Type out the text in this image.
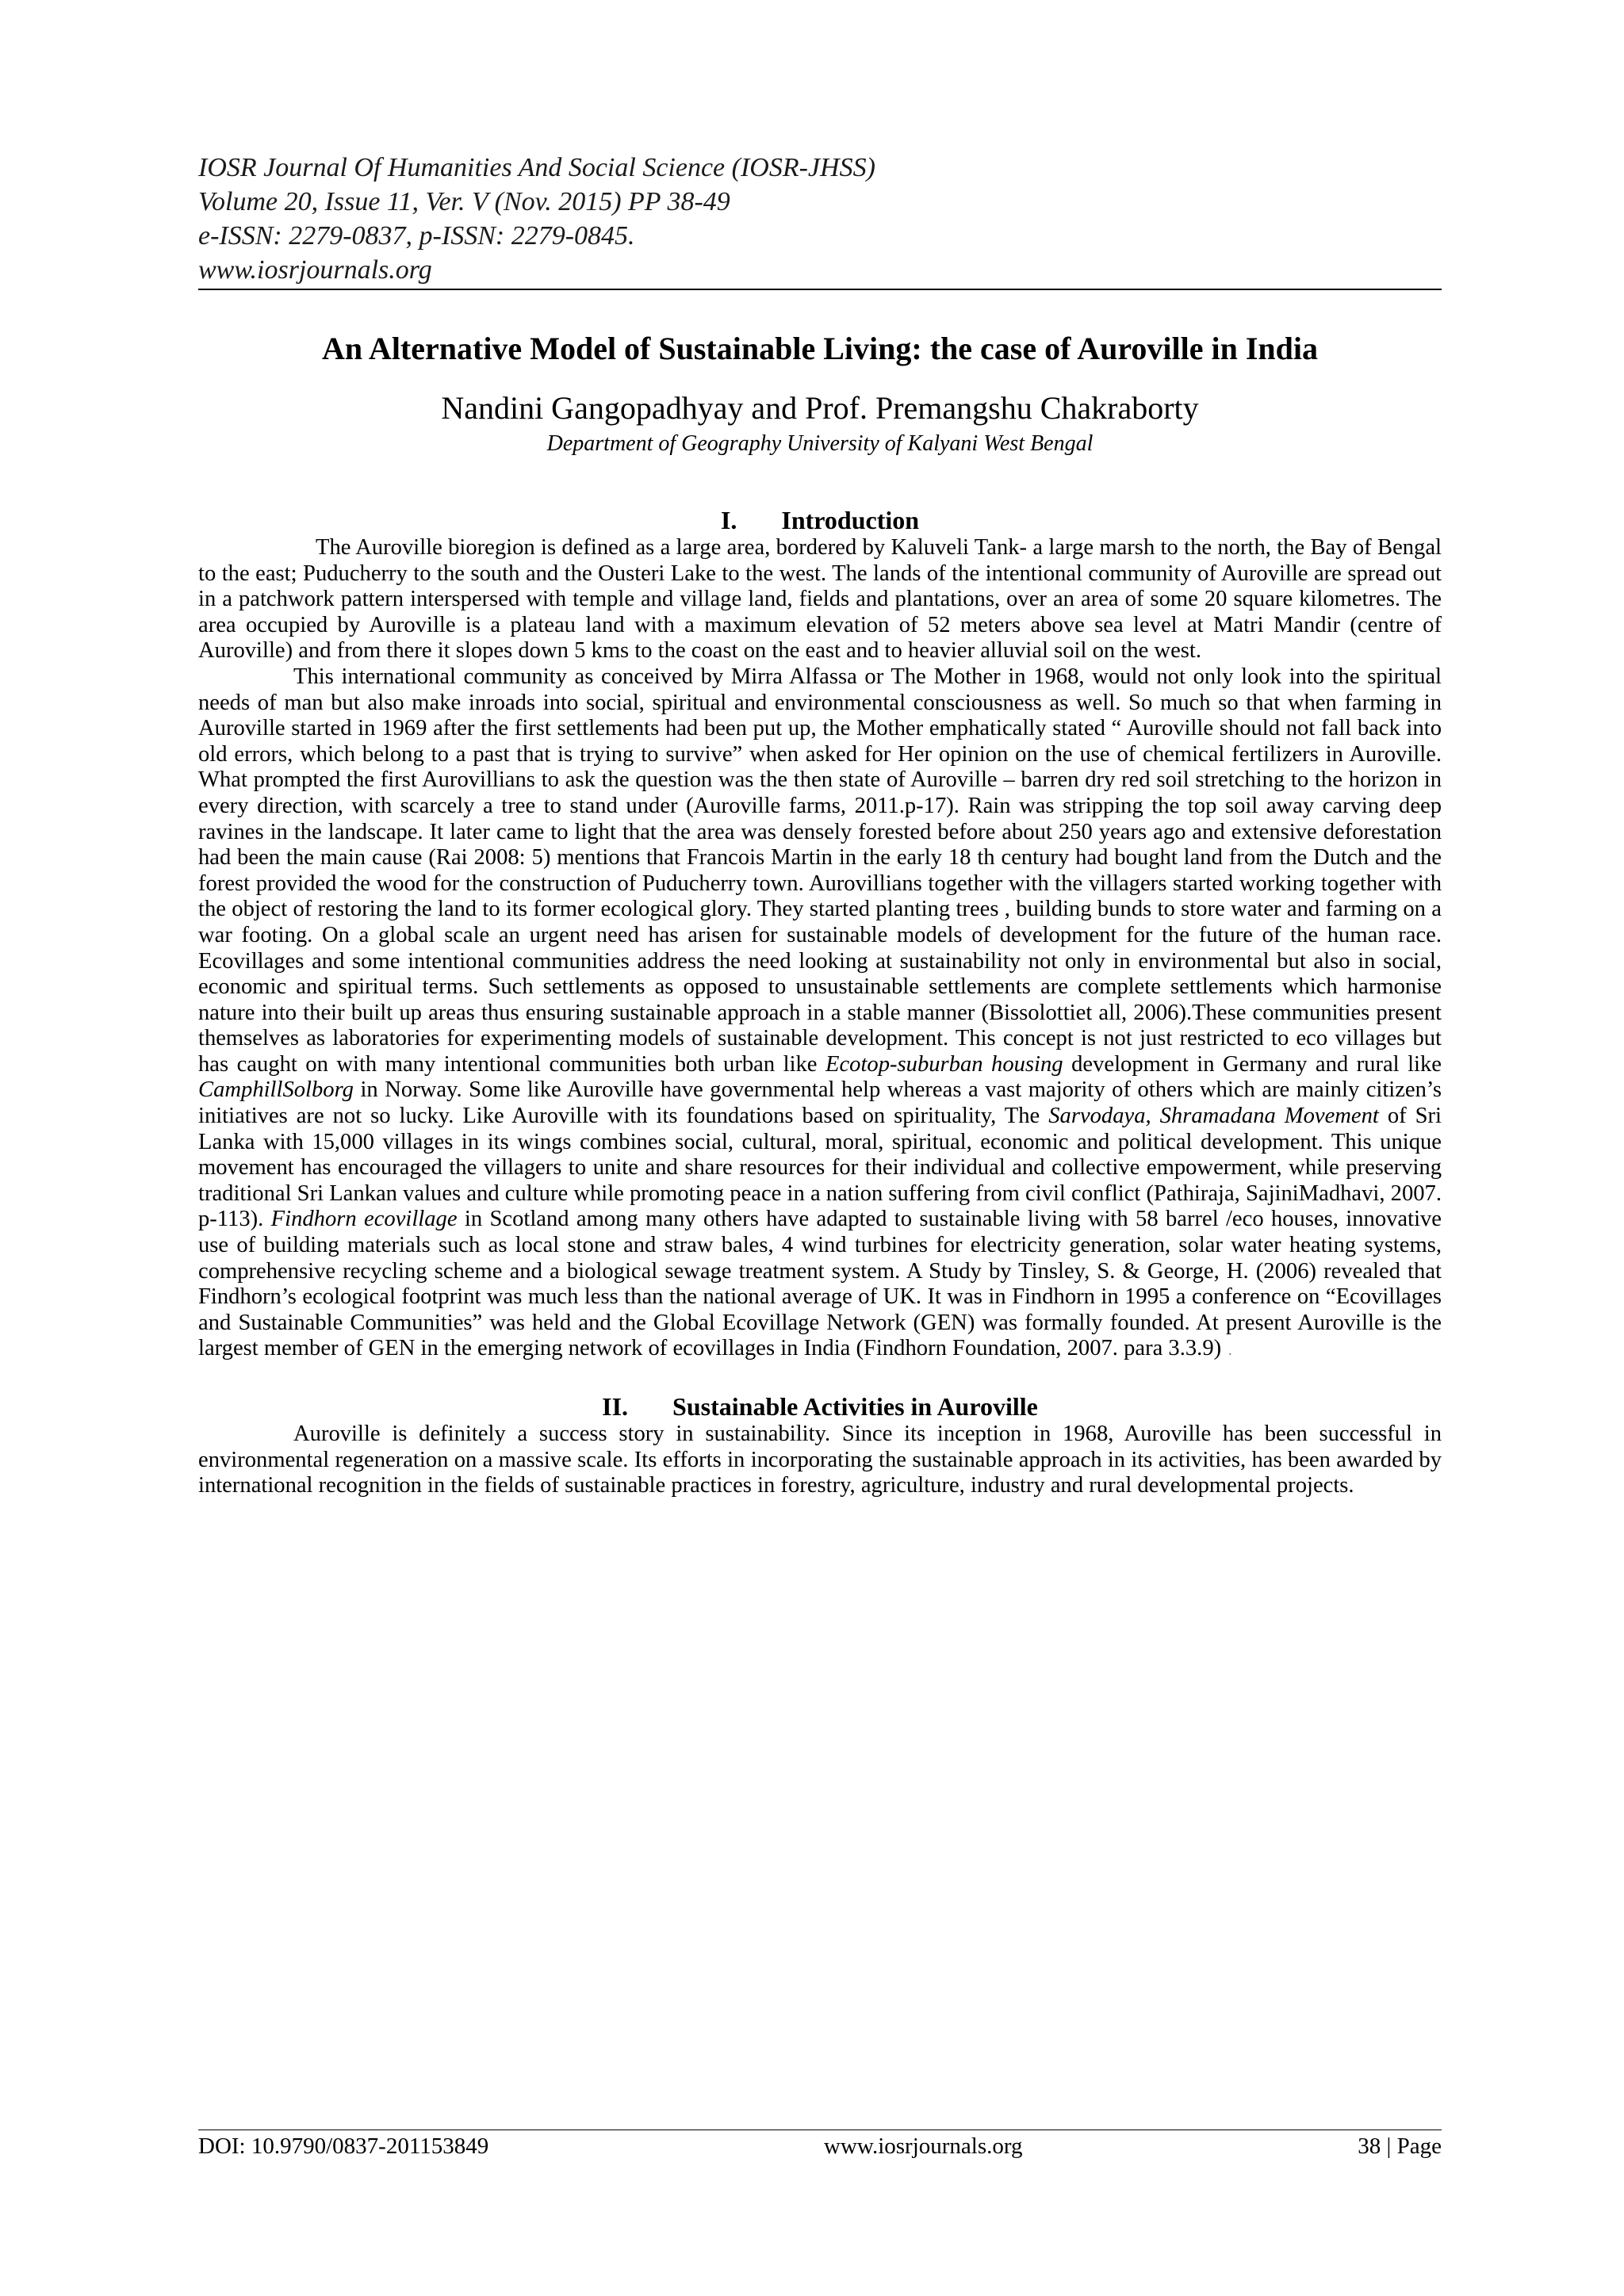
IOSR Journal Of Humanities And Social Science (IOSR-JHSS)
Volume 20, Issue 11, Ver. V (Nov. 2015) PP 38-49
e-ISSN: 2279-0837, p-ISSN: 2279-0845.
www.iosrjournals.org
An Alternative Model of Sustainable Living: the case of Auroville in India
Nandini Gangopadhyay and Prof. Premangshu Chakraborty
Department of Geography University of Kalyani West Bengal
I. Introduction

The Auroville bioregion is defined as a large area, bordered by Kaluveli Tank- a large marsh to the north, the Bay of Bengal to the east; Puducherry to the south and the Ousteri Lake to the west. The lands of the intentional community of Auroville are spread out in a patchwork pattern interspersed with temple and village land, fields and plantations, over an area of some 20 square kilometres. The area occupied by Auroville is a plateau land with a maximum elevation of 52 meters above sea level at Matri Mandir (centre of Auroville) and from there it slopes down 5 kms to the coast on the east and to heavier alluvial soil on the west.

This international community as conceived by Mirra Alfassa or The Mother in 1968, would not only look into the spiritual needs of man but also make inroads into social, spiritual and environmental consciousness as well. So much so that when farming in Auroville started in 1969 after the first settlements had been put up, the Mother emphatically stated “ Auroville should not fall back into old errors, which belong to a past that is trying to survive” when asked for Her opinion on the use of chemical fertilizers in Auroville. What prompted the first Aurovillians to ask the question was the then state of Auroville – barren dry red soil stretching to the horizon in every direction, with scarcely a tree to stand under (Auroville farms, 2011.p-17). Rain was stripping the top soil away carving deep ravines in the landscape. It later came to light that the area was densely forested before about 250 years ago and extensive deforestation had been the main cause (Rai 2008: 5) mentions that Francois Martin in the early 18 th century had bought land from the Dutch and the forest provided the wood for the construction of Puducherry town. Aurovillians together with the villagers started working together with the object of restoring the land to its former ecological glory. They started planting trees , building bunds to store water and farming on a war footing. On a global scale an urgent need has arisen for sustainable models of development for the future of the human race. Ecovillages and some intentional communities address the need looking at sustainability not only in environmental but also in social, economic and spiritual terms. Such settlements as opposed to unsustainable settlements are complete settlements which harmonise nature into their built up areas thus ensuring sustainable approach in a stable manner (Bissolottiet all, 2006).These communities present themselves as laboratories for experimenting models of sustainable development. This concept is not just restricted to eco villages but has caught on with many intentional communities both urban like Ecotop-suburban housing development in Germany and rural like CamphillSolborg in Norway. Some like Auroville have governmental help whereas a vast majority of others which are mainly citizen’s initiatives are not so lucky. Like Auroville with its foundations based on spirituality, The Sarvodaya, Shramadana Movement of Sri Lanka with 15,000 villages in its wings combines social, cultural, moral, spiritual, economic and political development. This unique movement has encouraged the villagers to unite and share resources for their individual and collective empowerment, while preserving traditional Sri Lankan values and culture while promoting peace in a nation suffering from civil conflict (Pathiraja, SajiniMadhavi, 2007. p-113). Findhorn ecovillage in Scotland among many others have adapted to sustainable living with 58 barrel /eco houses, innovative use of building materials such as local stone and straw bales, 4 wind turbines for electricity generation, solar water heating systems, comprehensive recycling scheme and a biological sewage treatment system. A Study by Tinsley, S. & George, H. (2006) revealed that Findhorn’s ecological footprint was much less than the national average of UK. It was in Findhorn in 1995 a conference on “Ecovillages and Sustainable Communities” was held and the Global Ecovillage Network (GEN) was formally founded. At present Auroville is the largest member of GEN in the emerging network of ecovillages in India (Findhorn Foundation, 2007. para 3.3.9)  .

II. Sustainable Activities in Auroville

Auroville is definitely a success story in sustainability. Since its inception in 1968, Auroville has been successful in environmental regeneration on a massive scale. Its efforts in incorporating the sustainable approach in its activities, has been awarded by international recognition in the fields of sustainable practices in forestry, agriculture, industry and rural developmental projects.

DOI: 10.9790/0837-201153849	www.iosrjournals.org	38 | Page
